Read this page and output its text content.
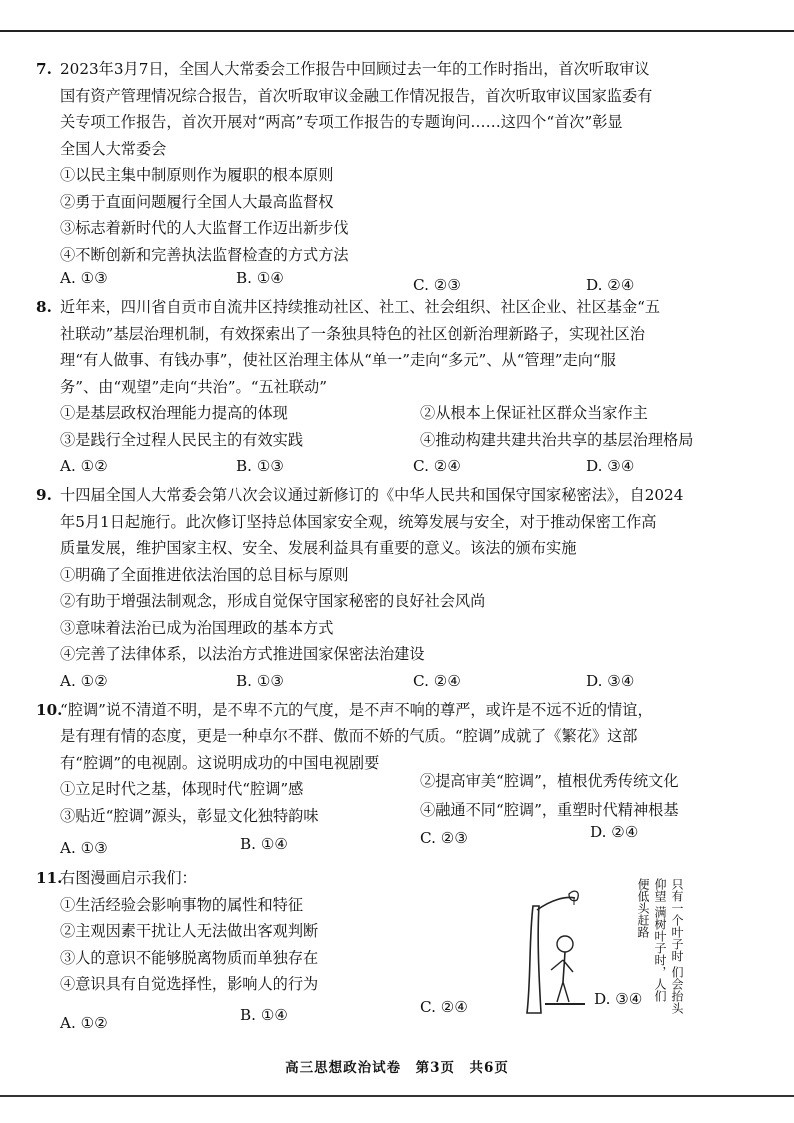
7. 2023年3月7日，全国人大常委会工作报告中回顾过去一年的工作时指出，首次听取审议
国有资产管理情况综合报告，首次听取审议金融工作情况报告，首次听取审议国家监委有
关专项工作报告，首次开展对“两高”专项工作报告的专题询问……这四个“首次”彰显
全国人大常委会
①以民主集中制原则作为履职的根本原则
②勇于直面问题履行全国人大最高监督权
③标志着新时代的人大监督工作迈出新步伐
④不断创新和完善执法监督检查的方式方法
A. ①③	B. ①④	C. ②③	D. ②④
8. 近年来，四川省自贡市自流井区持续推动社区、社工、社会组织、社区企业、社区基金“五
社联动”基层治理机制，有效探索出了一条独具特色的社区创新治理新路子，实现社区治
理“有人做事、有钱办事”，使社区治理主体从“单一”走向“多元”、从“管理”走向“服
务”、由“观望”走向“共治”。“五社联动”
①是基层政权治理能力提高的体现	②从根本上保证社区群众当家作主
③是践行全过程人民民主的有效实践	④推动构建共建共治共享的基层治理格局
A. ①②	B. ①③	C. ②④	D. ③④
9. 十四届全国人大常委会第八次会议通过新修订的《中华人民共和国保守国家秘密法》，自2024
年5月1日起施行。此次修订坚持总体国家安全观，统筹发展与安全，对于推动保密工作高
质量发展，维护国家主权、安全、发展利益具有重要的意义。该法的颁布实施
①明确了全面推进依法治国的总目标与原则
②有助于增强法制观念，形成自觉保守国家秘密的良好社会风尚
③意味着法治已成为治国理政的基本方式
④完善了法律体系，以法治方式推进国家保密法治建设
A. ①②	B. ①③	C. ②④	D. ③④
10.“腔调”说不清道不明，是不卑不亢的气度，是不声不响的尊严，或许是不远不近的情谊，
是有理有情的态度，更是一种卓尔不群、傲而不娇的气质。“腔调”成就了《繁花》这部
有“腔调”的电视剧。这说明成功的中国电视剧要
①立足时代之基，体现时代“腔调”感	②提高审美“腔调”，植根优秀传统文化
③贴近“腔调”源头，彰显文化独特韵味	④融通不同“腔调”，重塑时代精神根基
A. ①③	B. ①④	C. ②③	D. ②④
11.右图漫画启示我们：
①生活经验会影响事物的属性和特征
②主观因素干扰让人无法做出客观判断
③人的意识不能够脱离物质而单独存在
④意识具有自觉选择性，影响人的行为
A. ①②	B. ①④	C. ②④	D. ③④
只有一个叶子时 们会抬头仰望 满树叶子时，人们 便低头赶路
高三思想政治试卷　第3页　共6页
